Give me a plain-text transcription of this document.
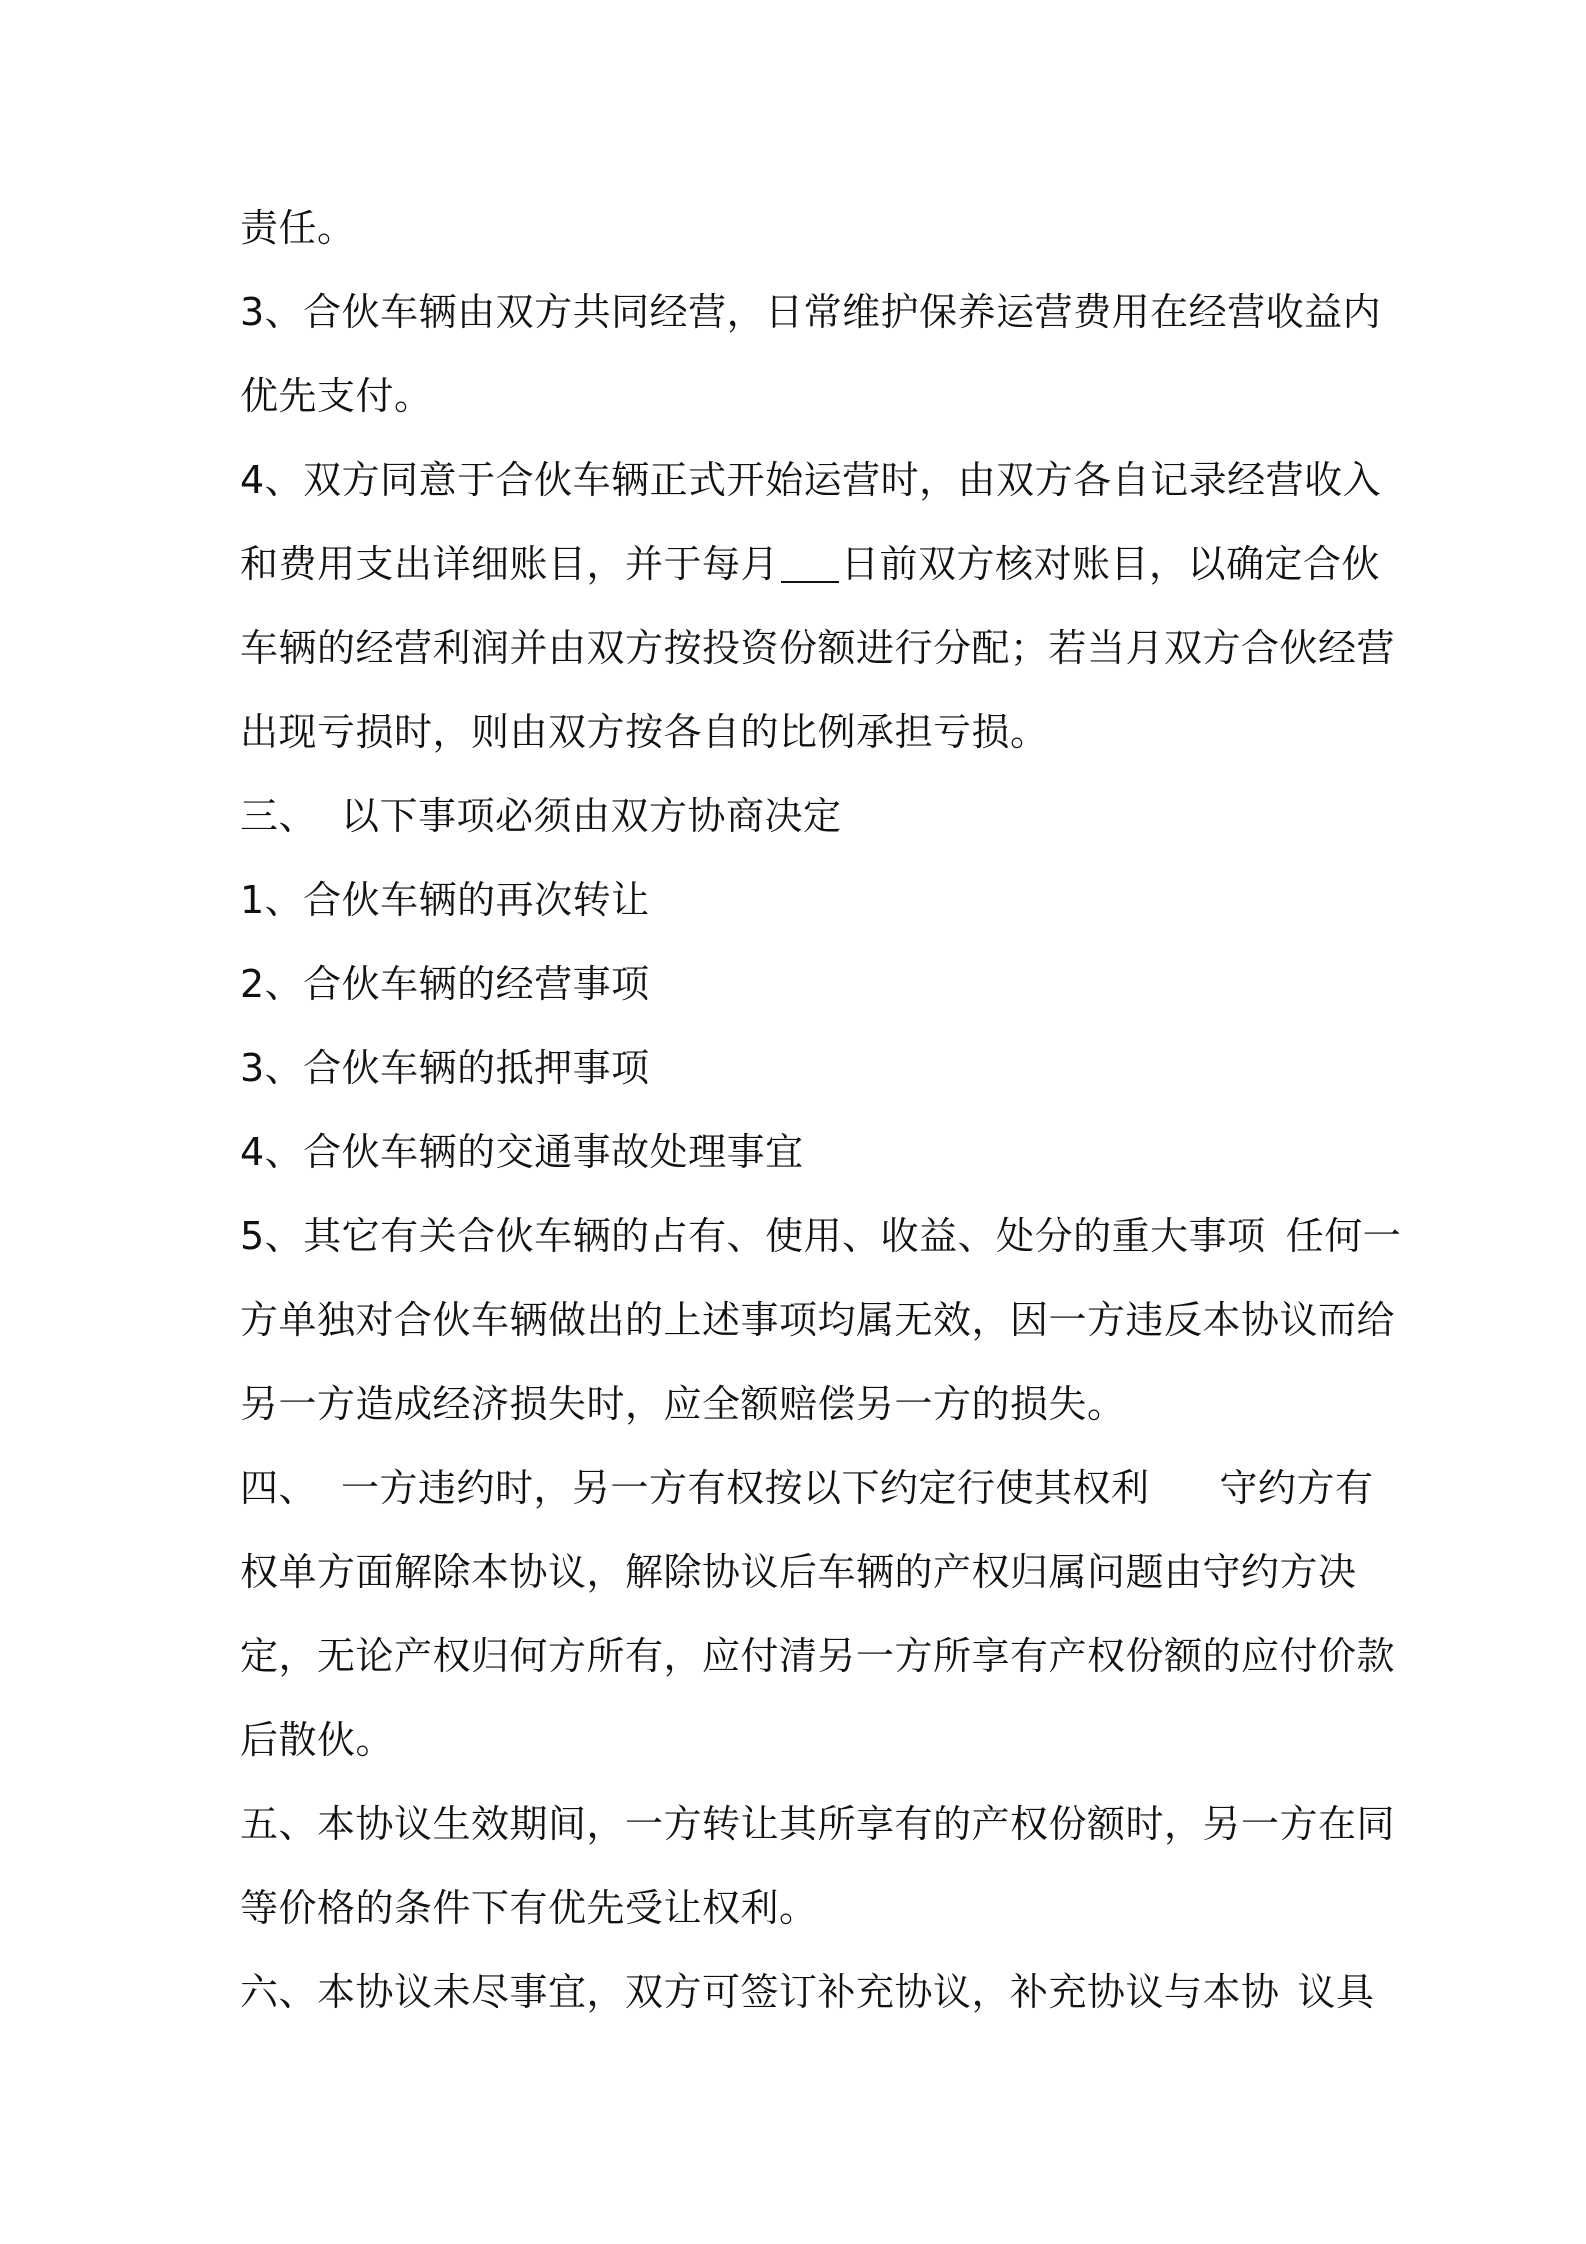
责任。
3、合伙车辆由双方共同经营，日常维护保养运营费用在经营收益内
优先支付。
4、双方同意于合伙车辆正式开始运营时，由双方各自记录经营收入
和费用支出详细账目，并于每月 日前双方核对账目，以确定合伙
车辆的经营利润并由双方按投资份额进行分配；若当月双方合伙经营
出现亏损时，则由双方按各自的比例承担亏损。
三、 以下事项必须由双方协商决定
1、合伙车辆的再次转让
2、合伙车辆的经营事项
3、合伙车辆的抵押事项
4、合伙车辆的交通事故处理事宜
5、其它有关合伙车辆的占有、使用、收益、处分的重大事项 任何一
方单独对合伙车辆做出的上述事项均属无效，因一方违反本协议而给
另一方造成经济损失时，应全额赔偿另一方的损失。
四、 一方违约时，另一方有权按以下约定行使其权利 守约方有
权单方面解除本协议，解除协议后车辆的产权归属问题由守约方决
定，无论产权归何方所有，应付清另一方所享有产权份额的应付价款
后散伙。
五、本协议生效期间，一方转让其所享有的产权份额时，另一方在同
等价格的条件下有优先受让权利。
六、本协议未尽事宜，双方可签订补充协议，补充协议与本协 议具
